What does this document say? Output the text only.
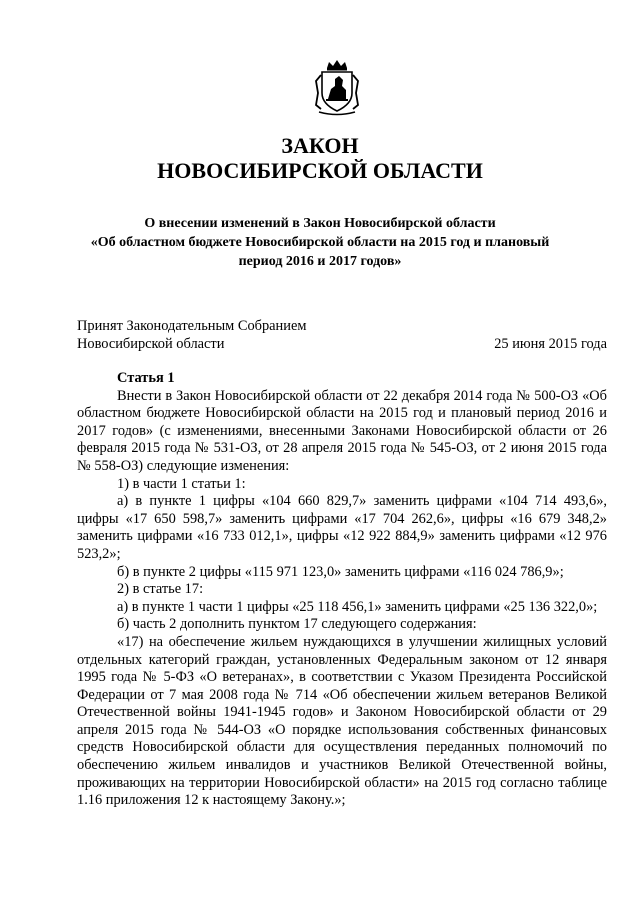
ЗАКОН
НОВОСИБИРСКОЙ ОБЛАСТИ
О внесении изменений в Закон Новосибирской области
«Об областном бюджете Новосибирской области на 2015 год и плановый
период 2016 и 2017 годов»
Принят Законодательным Собранием
Новосибирской области	25 июня 2015 года

Статья 1

Внести в Закон Новосибирской области от 22 декабря 2014 года № 500-ОЗ «Об областном бюджете Новосибирской области на 2015 год и плановый период 2016 и 2017 годов» (с изменениями, внесенными Законами Новосибирской области от 26 февраля 2015 года № 531-ОЗ, от 28 апреля 2015 года № 545-ОЗ, от 2 июня 2015 года № 558-ОЗ) следующие изменения:

1) в части 1 статьи 1:

а) в пункте 1 цифры «104 660 829,7» заменить цифрами «104 714 493,6», цифры «17 650 598,7» заменить цифрами «17 704 262,6», цифры «16 679 348,2» заменить цифрами «16 733 012,1», цифры «12 922 884,9» заменить цифрами «12 976 523,2»;

б) в пункте 2 цифры «115 971 123,0» заменить цифрами «116 024 786,9»;

2) в статье 17:

а) в пункте 1 части 1 цифры «25 118 456,1» заменить цифрами «25 136 322,0»;

б) часть 2 дополнить пунктом 17 следующего содержания:

«17) на обеспечение жильем нуждающихся в улучшении жилищных условий отдельных категорий граждан, установленных Федеральным законом от 12 января 1995 года № 5-ФЗ «О ветеранах», в соответствии с Указом Президента Российской Федерации от 7 мая 2008 года № 714 «Об обеспечении жильем ветеранов Великой Отечественной войны 1941-1945 годов» и Законом Новосибирской области от 29 апреля 2015 года № 544-ОЗ «О порядке использования собственных финансовых средств Новосибирской области для осуществления переданных полномочий по обеспечению жильем инвалидов и участников Великой Отечественной войны, проживающих на территории Новосибирской области» на 2015 год согласно таблице 1.16 приложения 12 к настоящему Закону.»;
